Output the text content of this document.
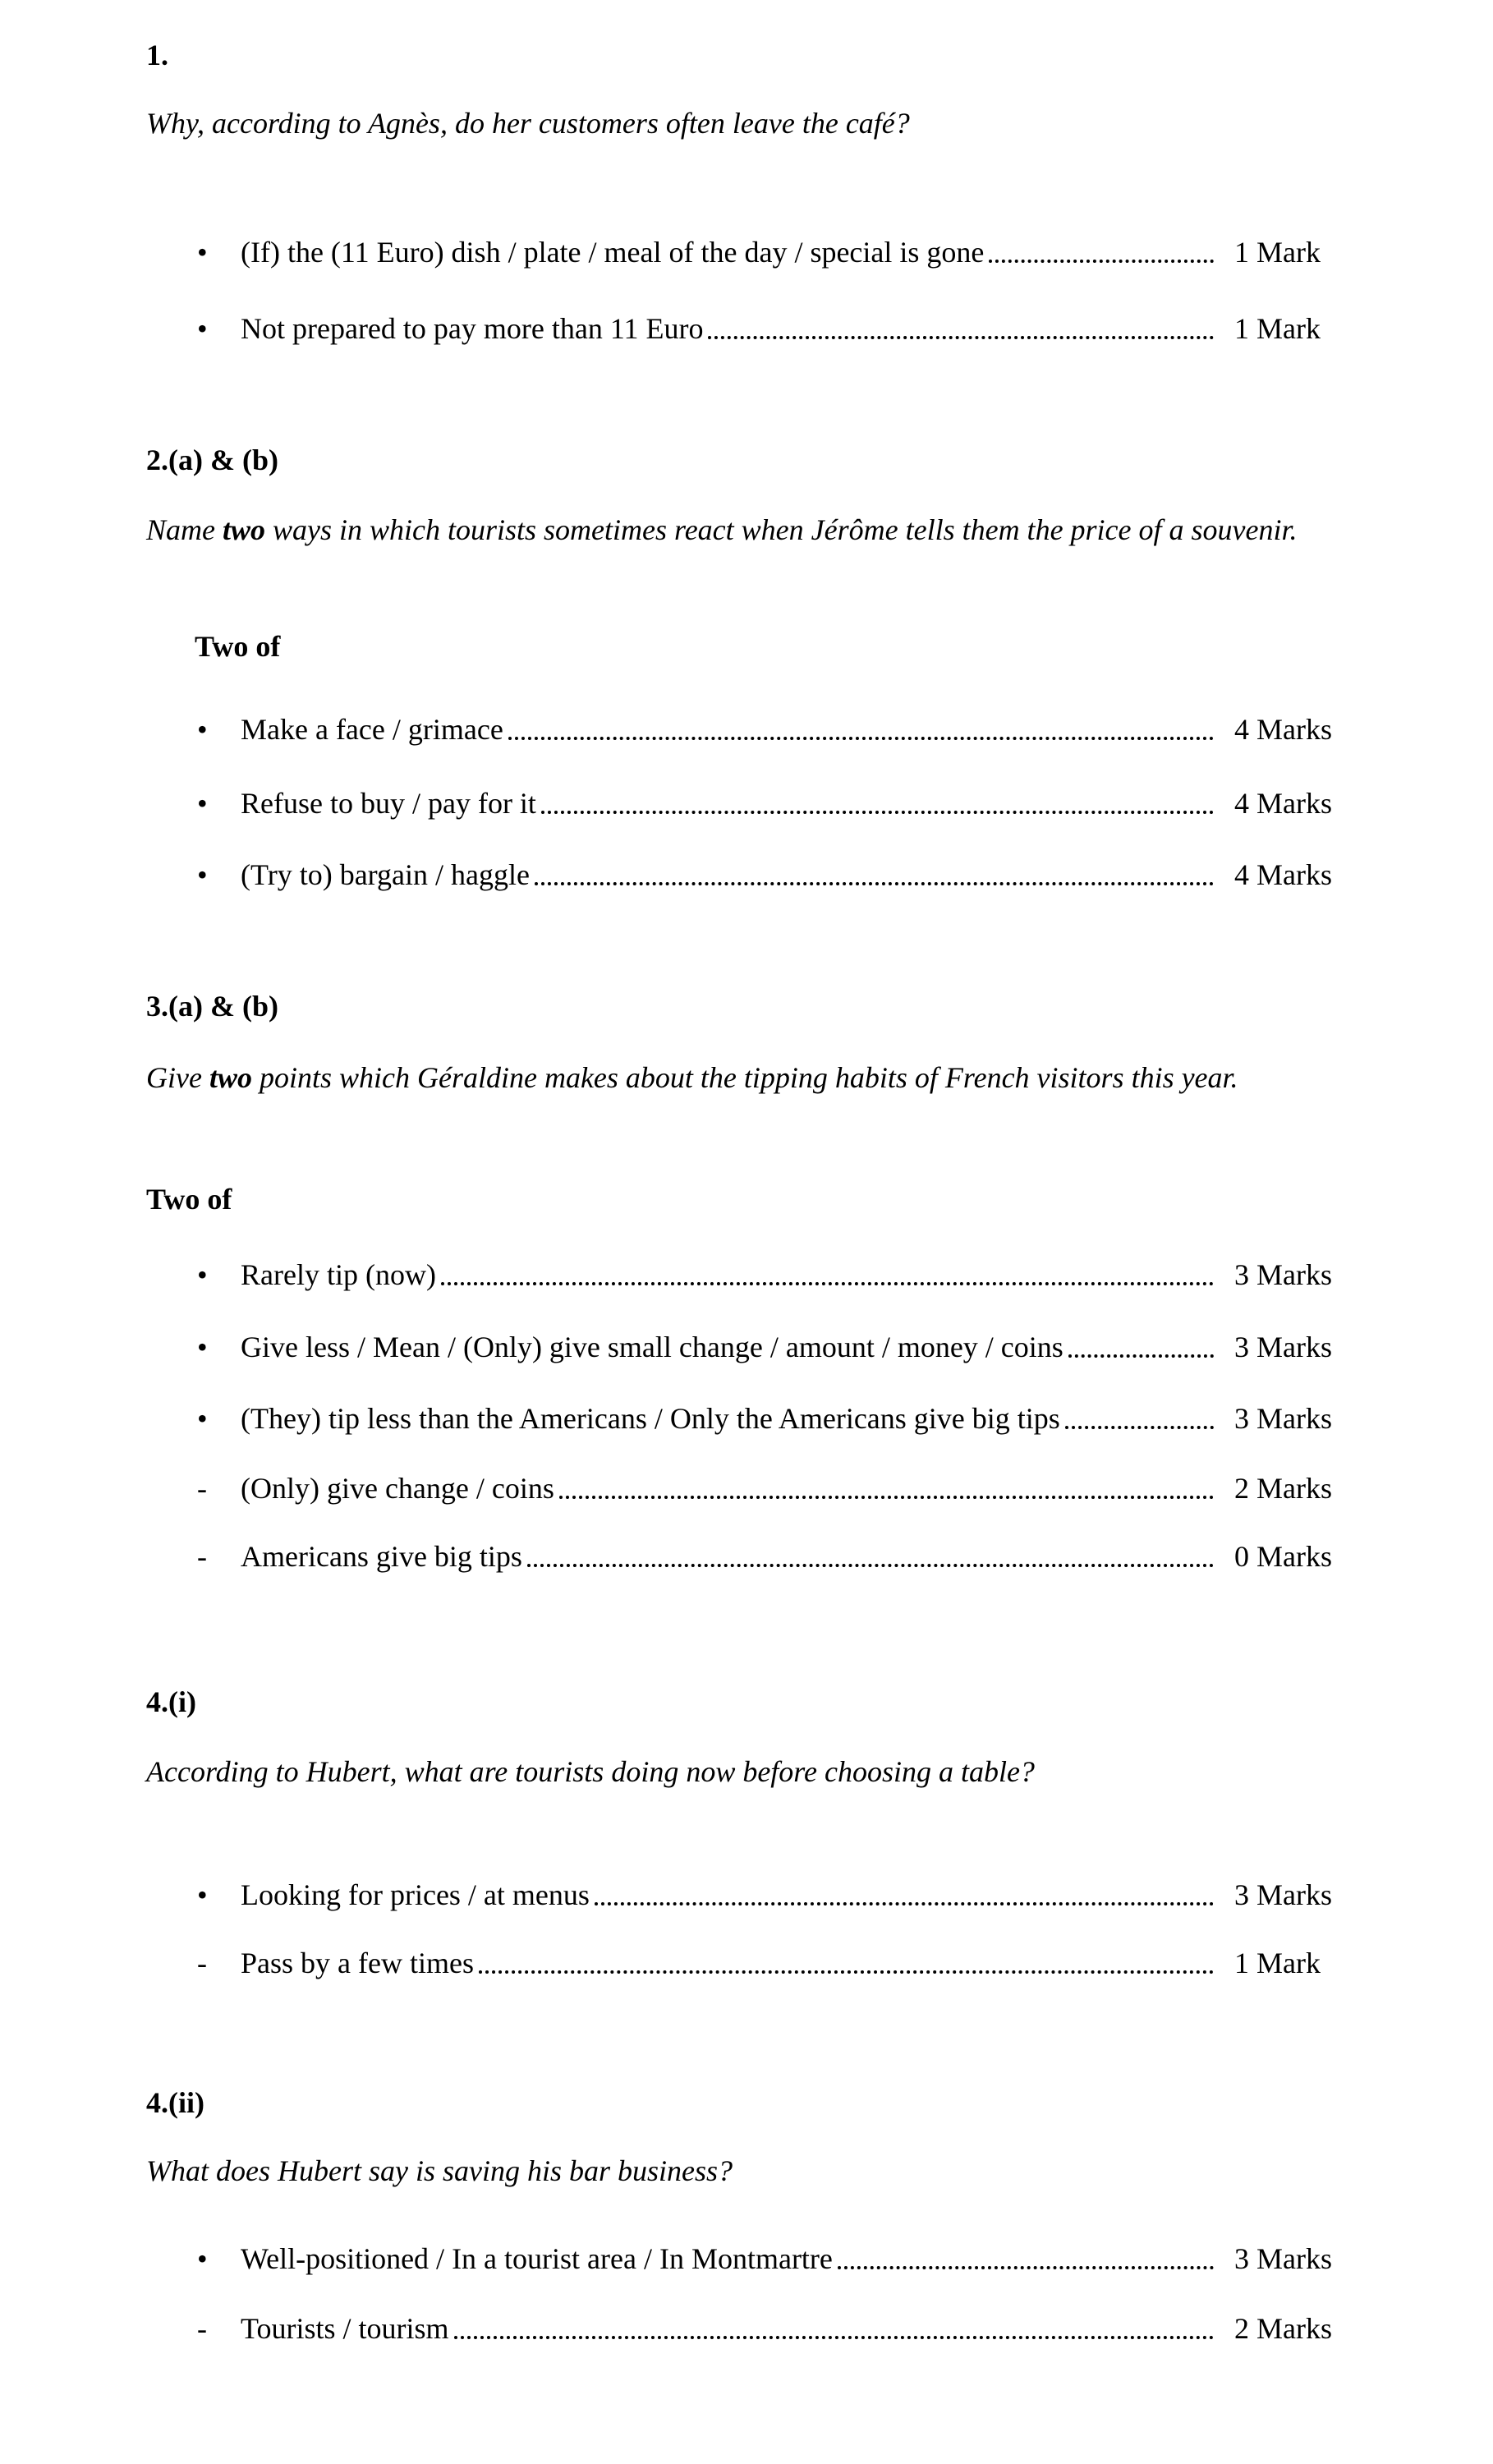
1.
Why, according to Agnès, do her customers often leave the café?
•	(If) the (11 Euro) dish / plate / meal of the day / special is gone	1 Mark
•	Not prepared to pay more than 11 Euro	1 Mark
2.(a) & (b)
Name two ways in which tourists sometimes react when Jérôme tells them the price of a souvenir.
Two of
•	Make a face / grimace	4 Marks
•	Refuse to buy / pay for it	4 Marks
•	(Try to) bargain / haggle	4 Marks
3.(a) & (b)
Give two points which Géraldine makes about the tipping habits of French visitors this year.
Two of
•	Rarely tip (now)	3 Marks
•	Give less / Mean / (Only) give small change / amount / money / coins	3 Marks
•	(They) tip less than the Americans / Only the Americans give big tips	3 Marks
-	(Only) give change / coins	2 Marks
-	Americans give big tips	0 Marks
4.(i)
According to Hubert, what are tourists doing now before choosing a table?
•	Looking for prices / at menus	3 Marks
-	Pass by a few times	1 Mark
4.(ii)
What does Hubert say is saving his bar business?
•	Well-positioned / In a tourist area / In Montmartre	3 Marks
-	Tourists / tourism	2 Marks
